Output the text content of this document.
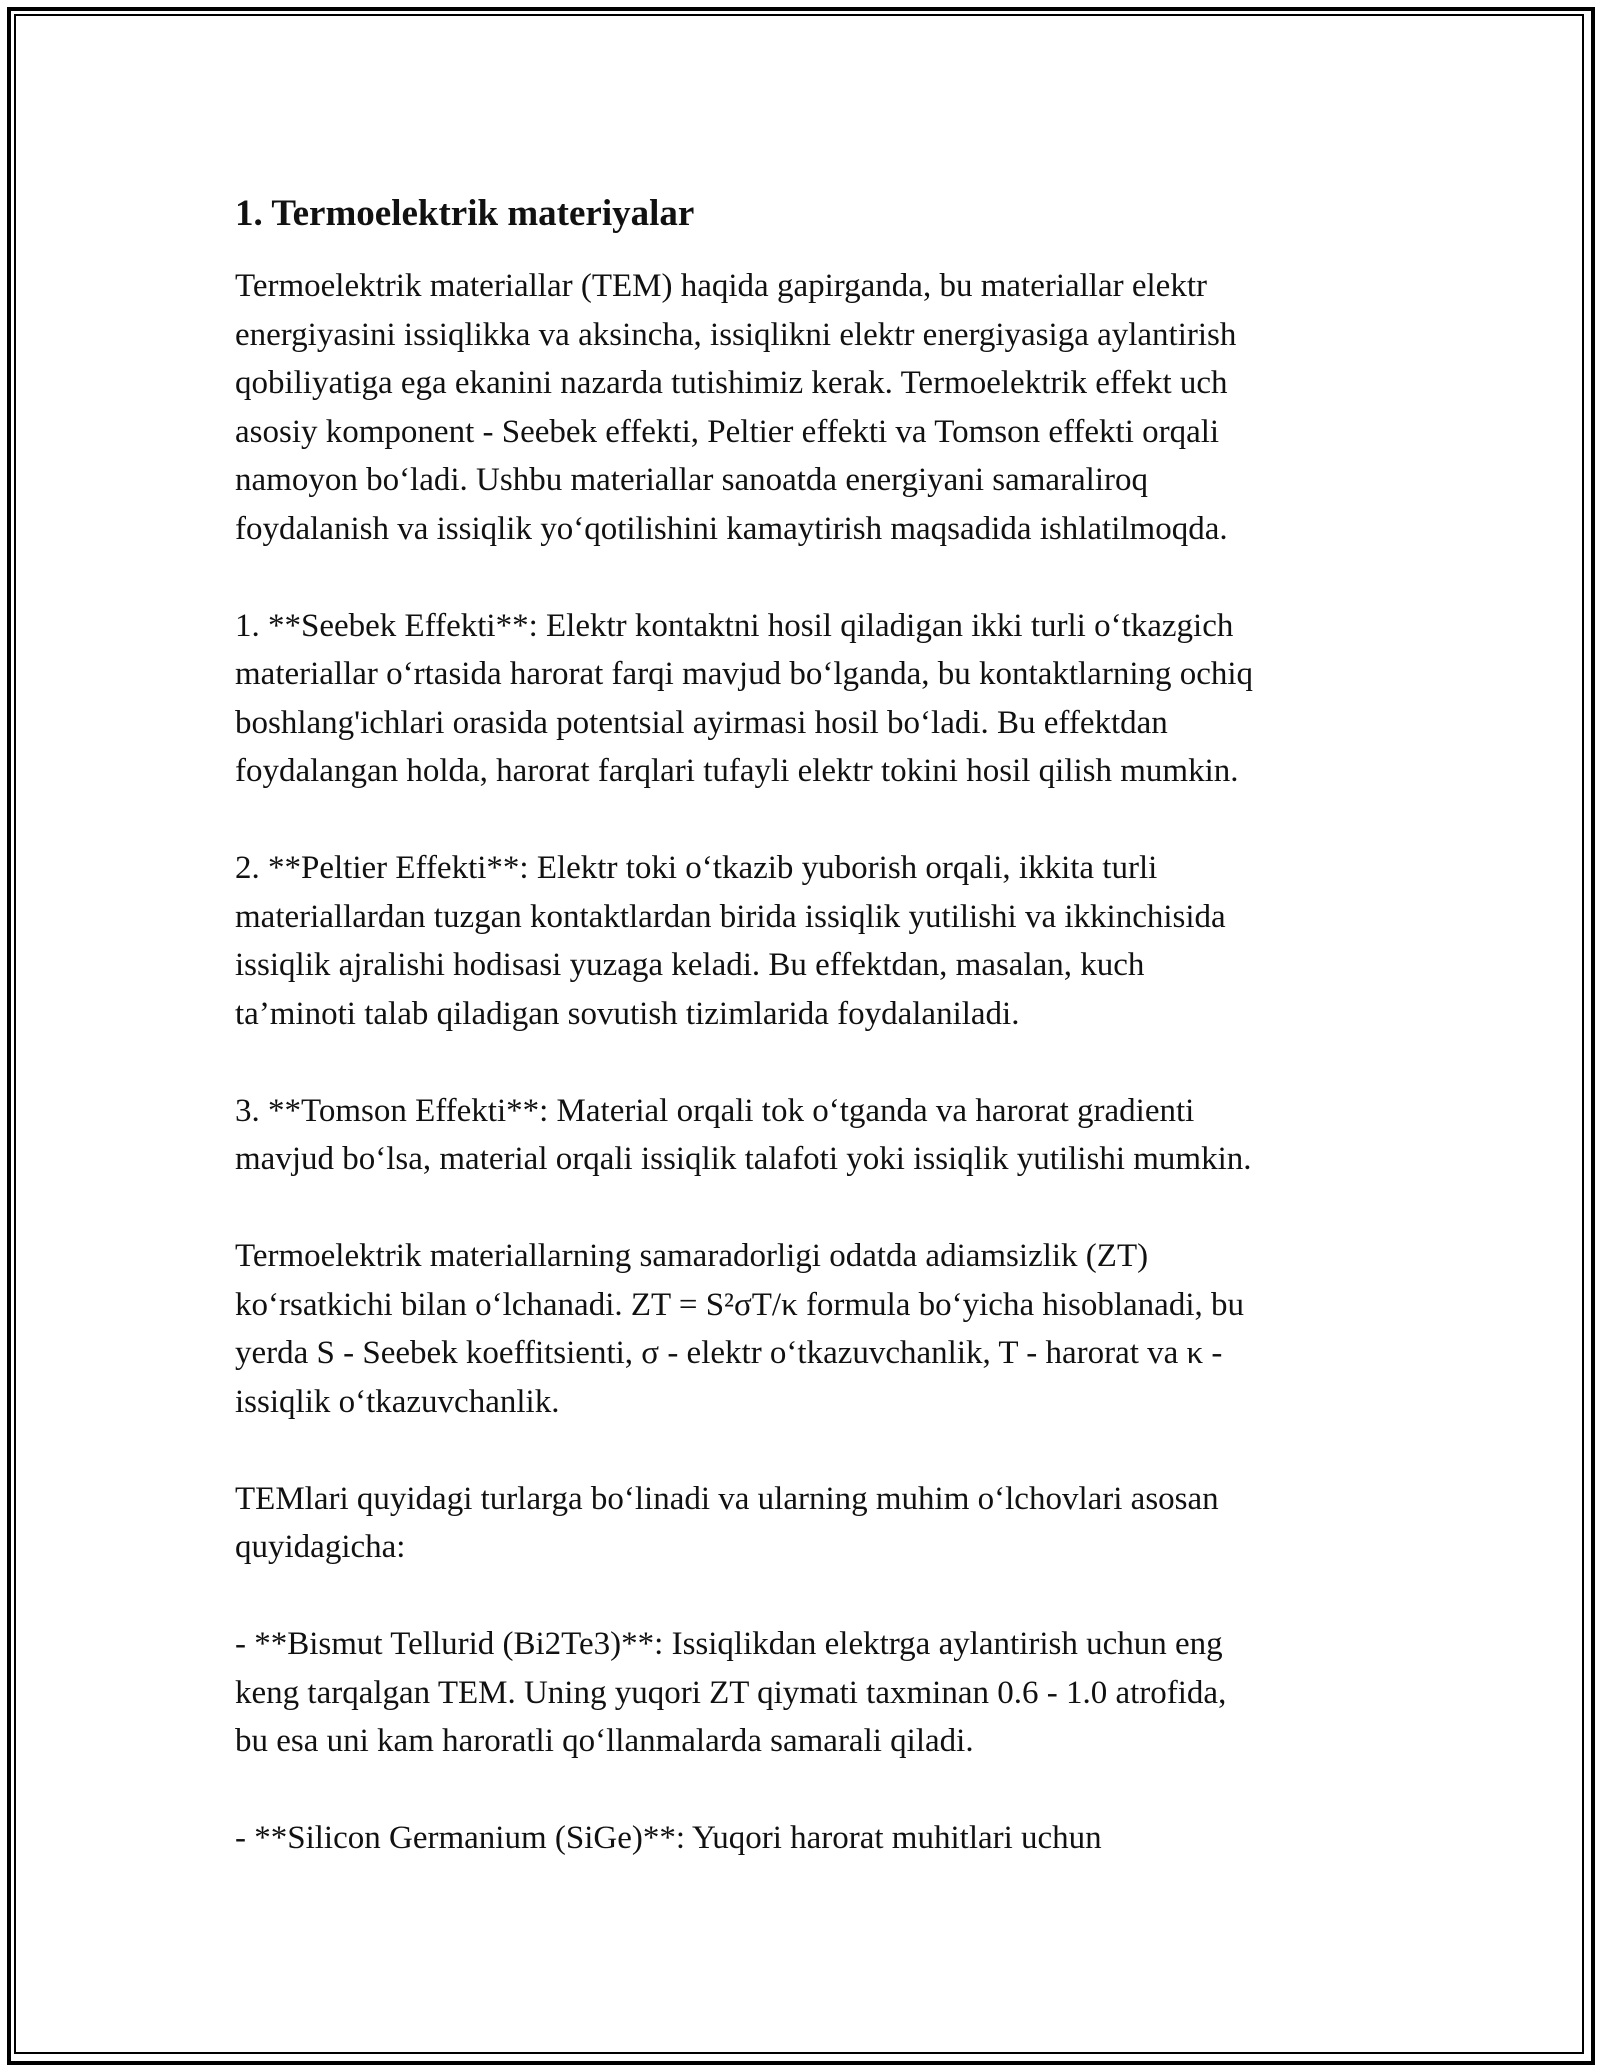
1. Termoelektrik materiyalar
Termoelektrik materiallar (TEM) haqida gapirganda, bu materiallar elektr
energiyasini issiqlikka va aksincha, issiqlikni elektr energiyasiga aylantirish
qobiliyatiga ega ekanini nazarda tutishimiz kerak. Termoelektrik effekt uch
asosiy komponent - Seebek effekti, Peltier effekti va Tomson effekti orqali
namoyon bo‘ladi. Ushbu materiallar sanoatda energiyani samaraliroq
foydalanish va issiqlik yo‘qotilishini kamaytirish maqsadida ishlatilmoqda.
1. **Seebek Effekti**: Elektr kontaktni hosil qiladigan ikki turli o‘tkazgich
materiallar o‘rtasida harorat farqi mavjud bo‘lganda, bu kontaktlarning ochiq
boshlang'ichlari orasida potentsial ayirmasi hosil bo‘ladi. Bu effektdan
foydalangan holda, harorat farqlari tufayli elektr tokini hosil qilish mumkin.
2. **Peltier Effekti**: Elektr toki o‘tkazib yuborish orqali, ikkita turli
materiallardan tuzgan kontaktlardan birida issiqlik yutilishi va ikkinchisida
issiqlik ajralishi hodisasi yuzaga keladi. Bu effektdan, masalan, kuch
ta’minoti talab qiladigan sovutish tizimlarida foydalaniladi.
3. **Tomson Effekti**: Material orqali tok o‘tganda va harorat gradienti
mavjud bo‘lsa, material orqali issiqlik talafoti yoki issiqlik yutilishi mumkin.
Termoelektrik materiallarning samaradorligi odatda adiamsizlik (ZT)
ko‘rsatkichi bilan o‘lchanadi. ZT = S²σT/κ formula bo‘yicha hisoblanadi, bu
yerda S - Seebek koeffitsienti, σ - elektr o‘tkazuvchanlik, T - harorat va κ -
issiqlik o‘tkazuvchanlik.
TEMlari quyidagi turlarga bo‘linadi va ularning muhim o‘lchovlari asosan
quyidagicha:
- **Bismut Tellurid (Bi2Te3)**: Issiqlikdan elektrga aylantirish uchun eng
keng tarqalgan TEM. Uning yuqori ZT qiymati taxminan 0.6 - 1.0 atrofida,
bu esa uni kam haroratli qo‘llanmalarda samarali qiladi.
- **Silicon Germanium (SiGe)**: Yuqori harorat muhitlari uchun
